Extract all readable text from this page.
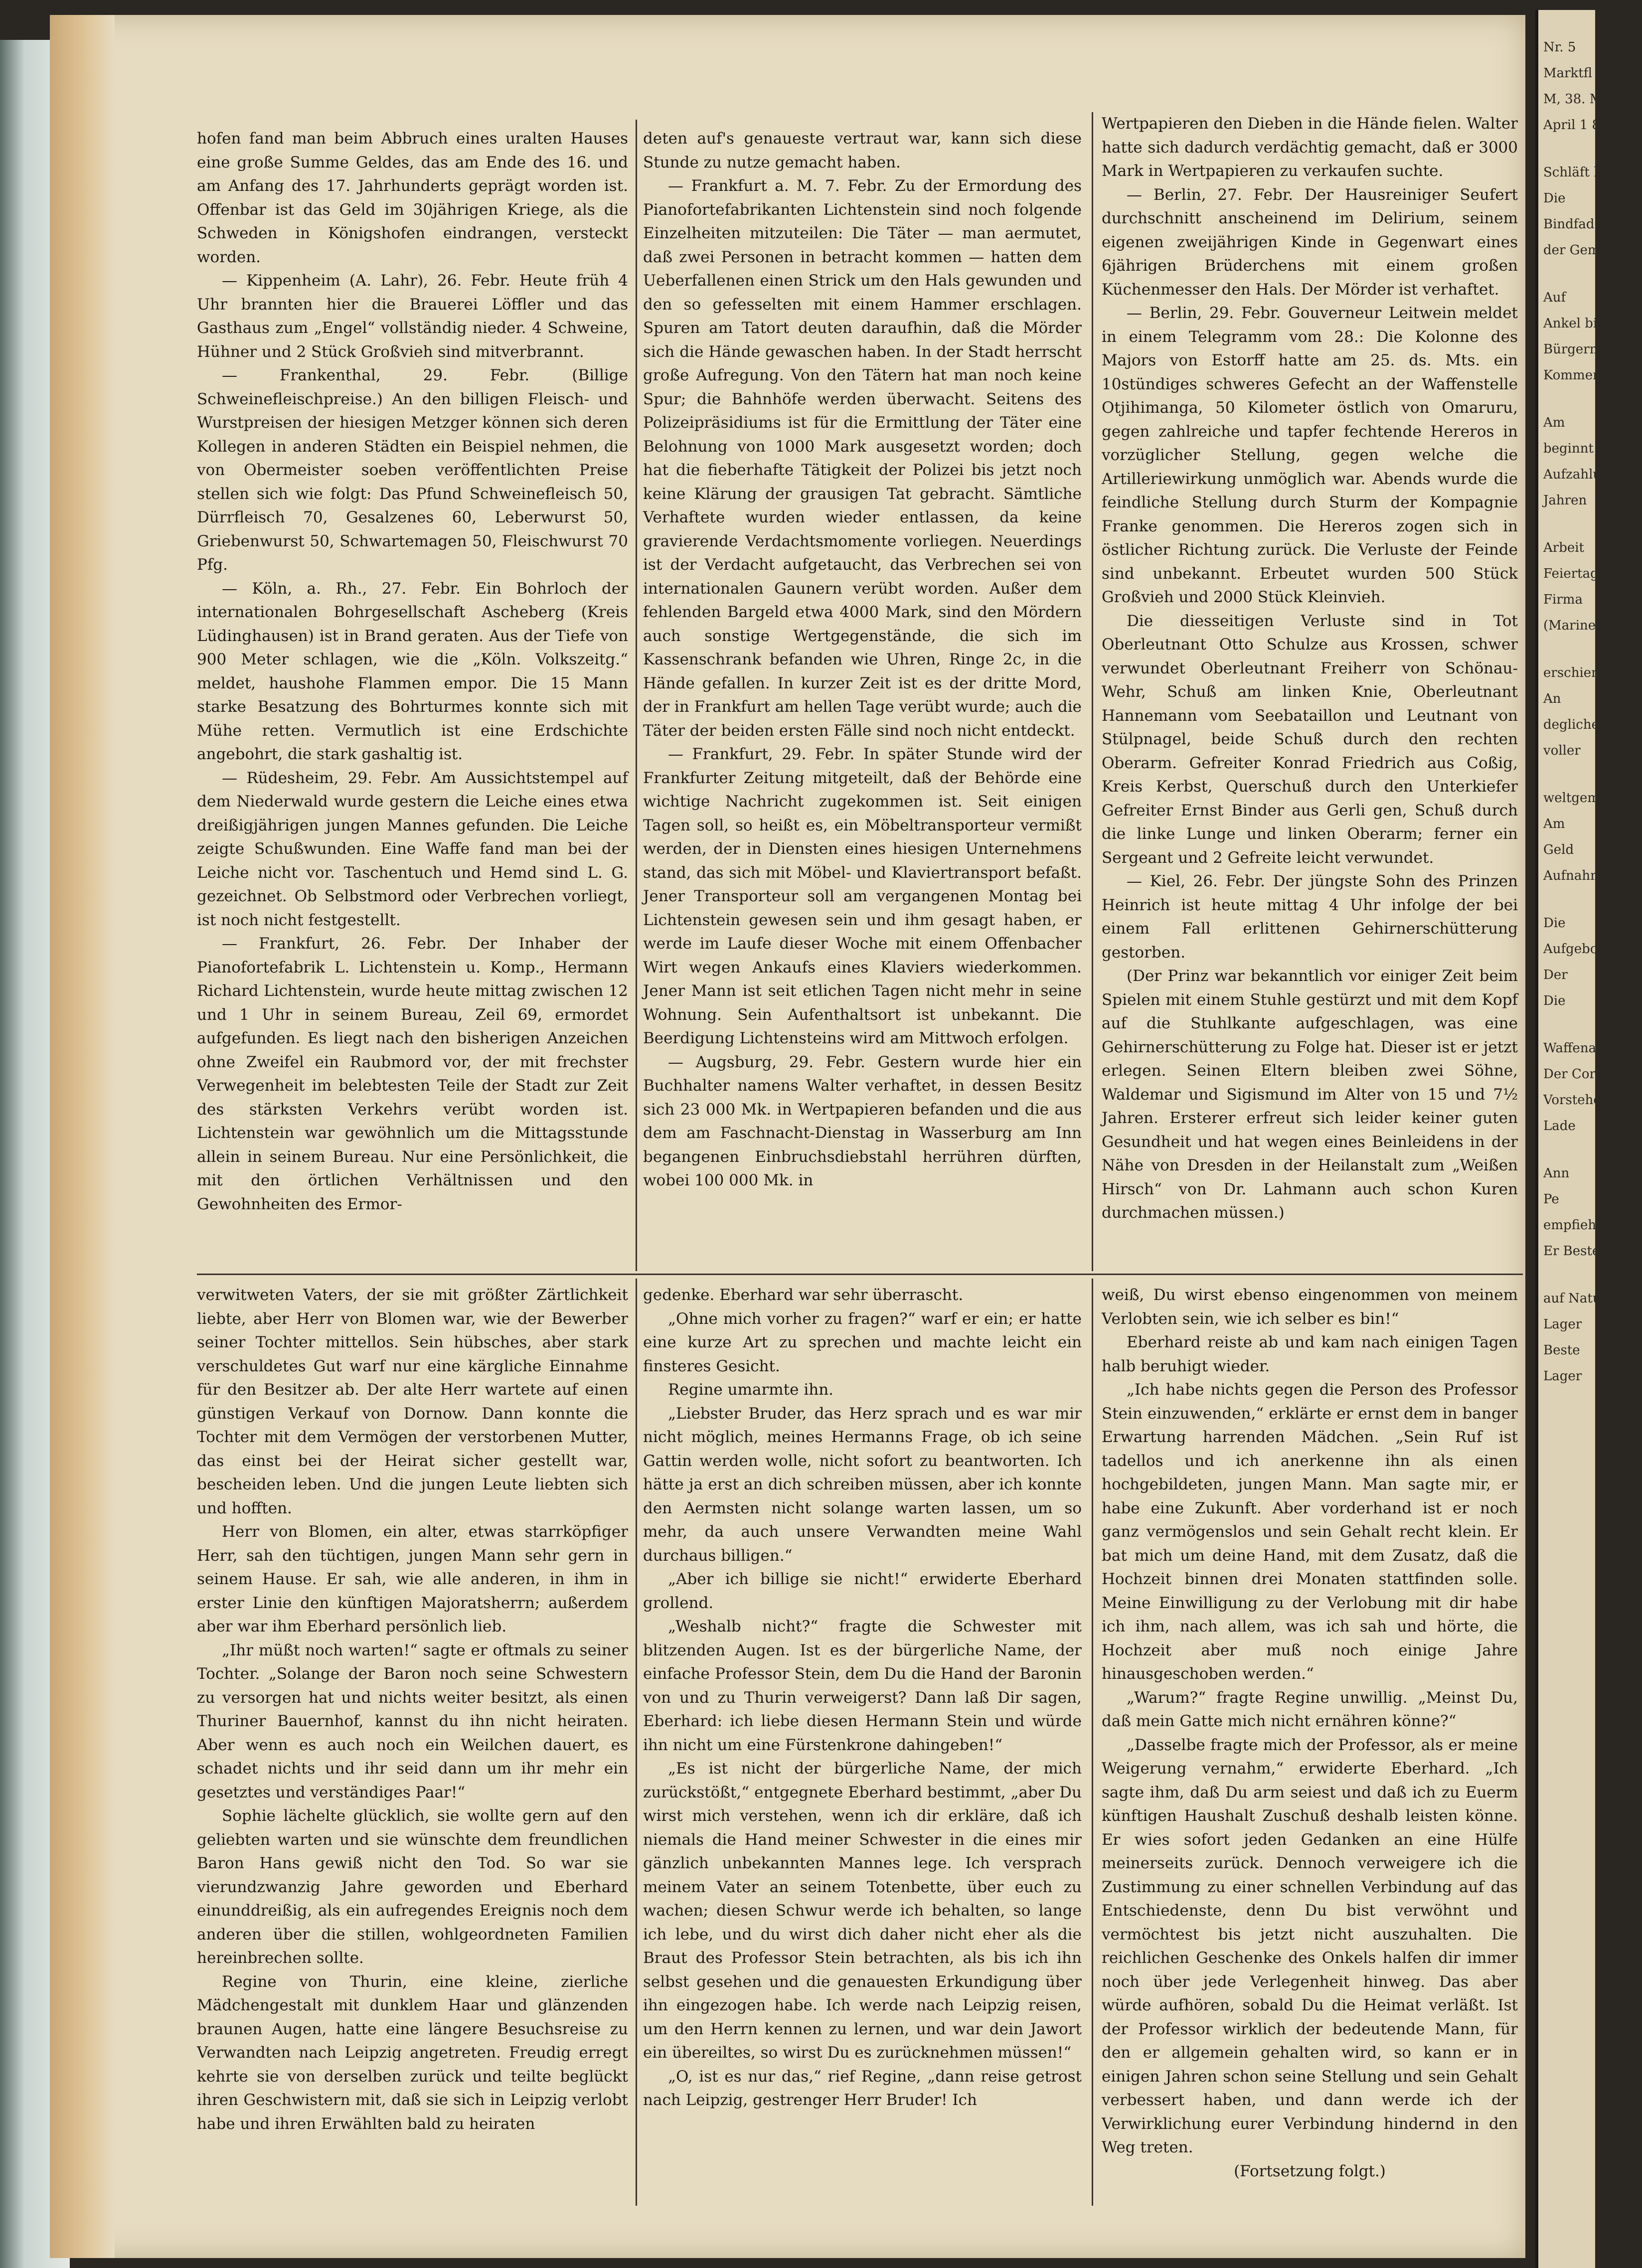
hofen fand man beim Abbruch eines uralten Hauses eine große Summe Geldes, das am Ende des 16. und am Anfang des 17. Jahrhunderts geprägt worden ist. Offenbar ist das Geld im 30jährigen Kriege, als die Schweden in Königshofen eindrangen, versteckt worden.

— Kippenheim (A. Lahr), 26. Febr. Heute früh 4 Uhr brannten hier die Brauerei Löffler und das Gasthaus zum „Engel“ vollständig nieder. 4 Schweine, Hühner und 2 Stück Großvieh sind mitverbrannt.

— Frankenthal, 29. Febr. (Billige Schweinefleischpreise.) An den billigen Fleisch- und Wurstpreisen der hiesigen Metzger können sich deren Kollegen in anderen Städten ein Beispiel nehmen, die von Obermeister soeben veröffentlichten Preise stellen sich wie folgt: Das Pfund Schweinefleisch 50, Dürrfleisch 70, Gesalzenes 60, Leberwurst 50, Griebenwurst 50, Schwartemagen 50, Fleischwurst 70 Pfg.

— Köln, a. Rh., 27. Febr. Ein Bohrloch der internationalen Bohrgesellschaft Ascheberg (Kreis Lüdinghausen) ist in Brand geraten. Aus der Tiefe von 900 Meter schlagen, wie die „Köln. Volkszeitg.“ meldet, haushohe Flammen empor. Die 15 Mann starke Besatzung des Bohrturmes konnte sich mit Mühe retten. Vermutlich ist eine Erdschichte angebohrt, die stark gashaltig ist.

— Rüdesheim, 29. Febr. Am Aussichtstempel auf dem Niederwald wurde gestern die Leiche eines etwa dreißigjährigen jungen Mannes gefunden. Die Leiche zeigte Schußwunden. Eine Waffe fand man bei der Leiche nicht vor. Taschentuch und Hemd sind L. G. gezeichnet. Ob Selbstmord oder Verbrechen vorliegt, ist noch nicht festgestellt.

— Frankfurt, 26. Febr. Der Inhaber der Pianofortefabrik L. Lichtenstein u. Komp., Hermann Richard Lichtenstein, wurde heute mittag zwischen 12 und 1 Uhr in seinem Bureau, Zeil 69, ermordet aufgefunden. Es liegt nach den bisherigen Anzeichen ohne Zweifel ein Raubmord vor, der mit frechster Verwegenheit im belebtesten Teile der Stadt zur Zeit des stärksten Verkehrs verübt worden ist. Lichtenstein war gewöhnlich um die Mittagsstunde allein in seinem Bureau. Nur eine Persönlichkeit, die mit den örtlichen Verhältnissen und den Gewohnheiten des Ermor-

deten auf's genaueste vertraut war, kann sich diese Stunde zu nutze gemacht haben.

— Frankfurt a. M. 7. Febr. Zu der Ermordung des Pianofortefabrikanten Lichtenstein sind noch folgende Einzelheiten mitzuteilen: Die Täter — man aermutet, daß zwei Personen in betracht kommen — hatten dem Ueberfallenen einen Strick um den Hals gewunden und den so gefesselten mit einem Hammer erschlagen. Spuren am Tatort deuten daraufhin, daß die Mörder sich die Hände gewaschen haben. In der Stadt herrscht große Aufregung. Von den Tätern hat man noch keine Spur; die Bahnhöfe werden überwacht. Seitens des Polizeipräsidiums ist für die Ermittlung der Täter eine Belohnung von 1000 Mark ausgesetzt worden; doch hat die fieberhafte Tätigkeit der Polizei bis jetzt noch keine Klärung der grausigen Tat gebracht. Sämtliche Verhaftete wurden wieder entlassen, da keine gravierende Verdachtsmomente vorliegen. Neuerdings ist der Verdacht aufgetaucht, das Verbrechen sei von internationalen Gaunern verübt worden. Außer dem fehlenden Bargeld etwa 4000 Mark, sind den Mördern auch sonstige Wertgegenstände, die sich im Kassenschrank befanden wie Uhren, Ringe 2c, in die Hände gefallen. In kurzer Zeit ist es der dritte Mord, der in Frankfurt am hellen Tage verübt wurde; auch die Täter der beiden ersten Fälle sind noch nicht entdeckt.

— Frankfurt, 29. Febr. In später Stunde wird der Frankfurter Zeitung mitgeteilt, daß der Behörde eine wichtige Nachricht zugekommen ist. Seit einigen Tagen soll, so heißt es, ein Möbeltransporteur vermißt werden, der in Diensten eines hiesigen Unternehmens stand, das sich mit Möbel- und Klaviertransport befaßt. Jener Transporteur soll am vergangenen Montag bei Lichtenstein gewesen sein und ihm gesagt haben, er werde im Laufe dieser Woche mit einem Offenbacher Wirt wegen Ankaufs eines Klaviers wiederkommen. Jener Mann ist seit etlichen Tagen nicht mehr in seine Wohnung. Sein Aufenthaltsort ist unbekannt. Die Beerdigung Lichtensteins wird am Mittwoch erfolgen.

— Augsburg, 29. Febr. Gestern wurde hier ein Buchhalter namens Walter verhaftet, in dessen Besitz sich 23 000 Mk. in Wertpapieren befanden und die aus dem am Faschnacht-Dienstag in Wasserburg am Inn begangenen Einbruchsdiebstahl herrühren dürften, wobei 100 000 Mk. in

Wertpapieren den Dieben in die Hände fielen. Walter hatte sich dadurch verdächtig gemacht, daß er 3000 Mark in Wertpapieren zu verkaufen suchte.

— Berlin, 27. Febr. Der Hausreiniger Seufert durchschnitt anscheinend im Delirium, seinem eigenen zweijährigen Kinde in Gegenwart eines 6jährigen Brüderchens mit einem großen Küchenmesser den Hals. Der Mörder ist verhaftet.

— Berlin, 29. Febr. Gouverneur Leitwein meldet in einem Telegramm vom 28.: Die Kolonne des Majors von Estorff hatte am 25. ds. Mts. ein 10stündiges schweres Gefecht an der Waffenstelle Otjihimanga, 50 Kilometer östlich von Omaruru, gegen zahlreiche und tapfer fechtende Hereros in vorzüglicher Stellung, gegen welche die Artilleriewirkung unmöglich war. Abends wurde die feindliche Stellung durch Sturm der Kompagnie Franke genommen. Die Hereros zogen sich in östlicher Richtung zurück. Die Verluste der Feinde sind unbekannt. Erbeutet wurden 500 Stück Großvieh und 2000 Stück Kleinvieh.

Die diesseitigen Verluste sind in Tot Oberleutnant Otto Schulze aus Krossen, schwer verwundet Oberleutnant Freiherr von Schönau-Wehr, Schuß am linken Knie, Oberleutnant Hannemann vom Seebataillon und Leutnant von Stülpnagel, beide Schuß durch den rechten Oberarm. Gefreiter Konrad Friedrich aus Coßig, Kreis Kerbst, Querschuß durch den Unterkiefer Gefreiter Ernst Binder aus Gerli gen, Schuß durch die linke Lunge und linken Oberarm; ferner ein Sergeant und 2 Gefreite leicht verwundet.

— Kiel, 26. Febr. Der jüngste Sohn des Prinzen Heinrich ist heute mittag 4 Uhr infolge der bei einem Fall erlittenen Gehirnerschütterung gestorben.

(Der Prinz war bekanntlich vor einiger Zeit beim Spielen mit einem Stuhle gestürzt und mit dem Kopf auf die Stuhlkante aufgeschlagen, was eine Gehirnerschütterung zu Folge hat. Dieser ist er jetzt erlegen. Seinen Eltern bleiben zwei Söhne, Waldemar und Sigismund im Alter von 15 und 7½ Jahren. Ersterer erfreut sich leider keiner guten Gesundheit und hat wegen eines Beinleidens in der Nähe von Dresden in der Heilanstalt zum „Weißen Hirsch“ von Dr. Lahmann auch schon Kuren durchmachen müssen.)

verwitweten Vaters, der sie mit größter Zärtlichkeit liebte, aber Herr von Blomen war, wie der Bewerber seiner Tochter mittellos. Sein hübsches, aber stark verschuldetes Gut warf nur eine kärgliche Einnahme für den Besitzer ab. Der alte Herr wartete auf einen günstigen Verkauf von Dornow. Dann konnte die Tochter mit dem Vermögen der verstorbenen Mutter, das einst bei der Heirat sicher gestellt war, bescheiden leben. Und die jungen Leute liebten sich und hofften.

Herr von Blomen, ein alter, etwas starrköpfiger Herr, sah den tüchtigen, jungen Mann sehr gern in seinem Hause. Er sah, wie alle anderen, in ihm in erster Linie den künftigen Majoratsherrn; außerdem aber war ihm Eberhard persönlich lieb.

„Ihr müßt noch warten!“ sagte er oftmals zu seiner Tochter. „Solange der Baron noch seine Schwestern zu versorgen hat und nichts weiter besitzt, als einen Thuriner Bauernhof, kannst du ihn nicht heiraten. Aber wenn es auch noch ein Weilchen dauert, es schadet nichts und ihr seid dann um ihr mehr ein gesetztes und verständiges Paar!“

Sophie lächelte glücklich, sie wollte gern auf den geliebten warten und sie wünschte dem freundlichen Baron Hans gewiß nicht den Tod. So war sie vierundzwanzig Jahre geworden und Eberhard einunddreißig, als ein aufregendes Ereignis noch dem anderen über die stillen, wohlgeordneten Familien hereinbrechen sollte.

Regine von Thurin, eine kleine, zierliche Mädchengestalt mit dunklem Haar und glänzenden braunen Augen, hatte eine längere Besuchsreise zu Verwandten nach Leipzig angetreten. Freudig erregt kehrte sie von derselben zurück und teilte beglückt ihren Geschwistern mit, daß sie sich in Leipzig verlobt habe und ihren Erwählten bald zu heiraten

gedenke. Eberhard war sehr überrascht.

„Ohne mich vorher zu fragen?“ warf er ein; er hatte eine kurze Art zu sprechen und machte leicht ein finsteres Gesicht.

Regine umarmte ihn.

„Liebster Bruder, das Herz sprach und es war mir nicht möglich, meines Hermanns Frage, ob ich seine Gattin werden wolle, nicht sofort zu beantworten. Ich hätte ja erst an dich schreiben müssen, aber ich konnte den Aermsten nicht solange warten lassen, um so mehr, da auch unsere Verwandten meine Wahl durchaus billigen.“

„Aber ich billige sie nicht!“ erwiderte Eberhard grollend.

„Weshalb nicht?“ fragte die Schwester mit blitzenden Augen. Ist es der bürgerliche Name, der einfache Professor Stein, dem Du die Hand der Baronin von und zu Thurin verweigerst? Dann laß Dir sagen, Eberhard: ich liebe diesen Hermann Stein und würde ihn nicht um eine Fürstenkrone dahingeben!“

„Es ist nicht der bürgerliche Name, der mich zurückstößt,“ entgegnete Eberhard bestimmt, „aber Du wirst mich verstehen, wenn ich dir erkläre, daß ich niemals die Hand meiner Schwester in die eines mir gänzlich unbekannten Mannes lege. Ich versprach meinem Vater an seinem Totenbette, über euch zu wachen; diesen Schwur werde ich behalten, so lange ich lebe, und du wirst dich daher nicht eher als die Braut des Professor Stein betrachten, als bis ich ihn selbst gesehen und die genauesten Erkundigung über ihn eingezogen habe. Ich werde nach Leipzig reisen, um den Herrn kennen zu lernen, und war dein Jawort ein übereiltes, so wirst Du es zurücknehmen müssen!“

„O, ist es nur das,“ rief Regine, „dann reise getrost nach Leipzig, gestrenger Herr Bruder! Ich

weiß, Du wirst ebenso eingenommen von meinem Verlobten sein, wie ich selber es bin!“

Eberhard reiste ab und kam nach einigen Tagen halb beruhigt wieder.

„Ich habe nichts gegen die Person des Professor Stein einzuwenden,“ erklärte er ernst dem in banger Erwartung harrenden Mädchen. „Sein Ruf ist tadellos und ich anerkenne ihn als einen hochgebildeten, jungen Mann. Man sagte mir, er habe eine Zukunft. Aber vorderhand ist er noch ganz vermögenslos und sein Gehalt recht klein. Er bat mich um deine Hand, mit dem Zusatz, daß die Hochzeit binnen drei Monaten stattfinden solle. Meine Einwilligung zu der Verlobung mit dir habe ich ihm, nach allem, was ich sah und hörte, die Hochzeit aber muß noch einige Jahre hinausgeschoben werden.“

„Warum?“ fragte Regine unwillig. „Meinst Du, daß mein Gatte mich nicht ernähren könne?“

„Dasselbe fragte mich der Professor, als er meine Weigerung vernahm,“ erwiderte Eberhard. „Ich sagte ihm, daß Du arm seiest und daß ich zu Euerm künftigen Haushalt Zuschuß deshalb leisten könne. Er wies sofort jeden Gedanken an eine Hülfe meinerseits zurück. Dennoch verweigere ich die Zustimmung zu einer schnellen Verbindung auf das Entschiedenste, denn Du bist verwöhnt und vermöchtest bis jetzt nicht auszuhalten. Die reichlichen Geschenke des Onkels halfen dir immer noch über jede Verlegenheit hinweg. Das aber würde aufhören, sobald Du die Heimat verläßt. Ist der Professor wirklich der bedeutende Mann, für den er allgemein gehalten wird, so kann er in einigen Jahren schon seine Stellung und sein Gehalt verbessert haben, und dann werde ich der Verwirklichung eurer Verbindung hindernd in den Weg treten.

(Fortsetzung folgt.)

Nr. 5
Marktfl
M, 38. M
April 1 8
Schläft ha
Die
Bindfaden 8
der Gemeinde
Auf
Ankel bie
Bürgermeister
Kommen
Am
beginnt die
Aufzahlungs
Jahren
Arbeit
Feiertag
Firma
(Marine)
erschienen.
An
deglichen
voller
weltgemeinsch
Am
Geld
Aufnahme
Die
Aufgebote
Der
Die
Waffenaugst
Der Corm
Vorstehe
Lade
Ann
Pe
empfiehlt
Er Beste
auf Natur
Lager
Beste
Lager
